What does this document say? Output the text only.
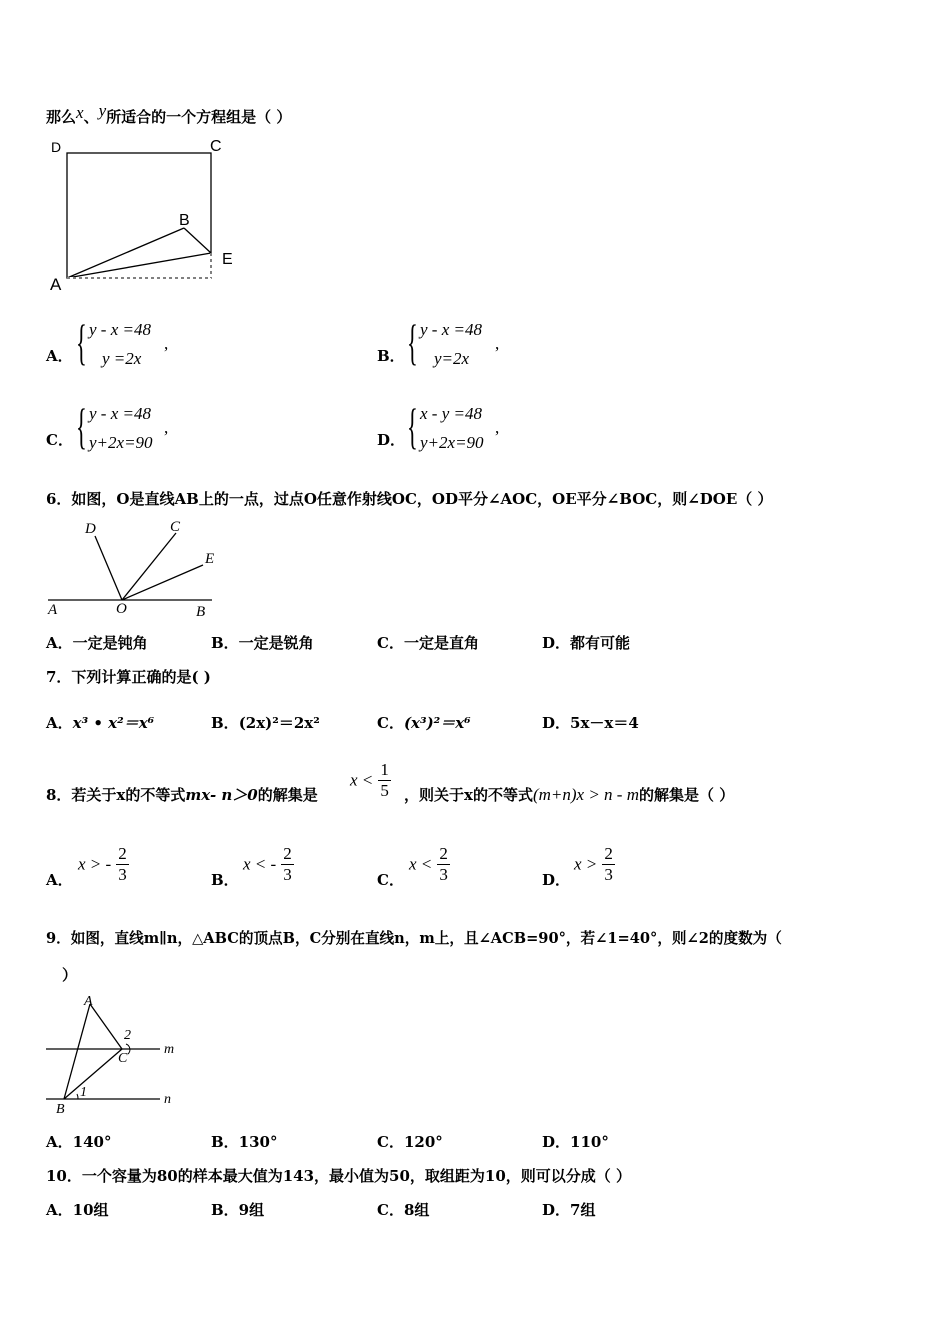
那么x、y所适合的一个方程组是（ ）
D	C
B
E
A
A． { y - x =48
y =2x
,
B． { y - x =48
y=2x
,
C． { y - x =48
y+2x=90
,
D． { x - y =48
y+2x=90
,
6．如图，O是直线AB上的一点，过点O任意作射线OC，OD平分∠AOC，OE平分∠BOC，则∠DOE（ ）
D	C
E
A	O	B
A．一定是钝角	B．一定是锐角	C．一定是直角	D．都有可能
7．下列计算正确的是( )
A．x³ • x²＝x⁶	B．(2x)²＝2x²	C．(x³)²＝x⁶	D．5x－x＝4
8．若关于x的不等式mx- n＞0的解集是
$x < \frac{1}{5}$ ，则关于x的不等式(m+n)x > n - m的解集是（ ）
A．
x > - $\frac{2}{3}$	B．
x < - $\frac{2}{3}$	C．
$x < \frac{2}{3}$	D．
$x > \frac{2}{3}$
9．如图，直线m∥n，△ABC的顶点B，C分别在直线n，m上，且∠ACB=90°，若∠1=40°，则∠2的度数为（
）
A
2
C
m
1
B
n
A．140°	B．130°	C．120°	D．110°
10．一个容量为80的样本最大值为143，最小值为50，取组距为10，则可以分成（ ）
A．10组	B．9组	C．8组	D．7组
